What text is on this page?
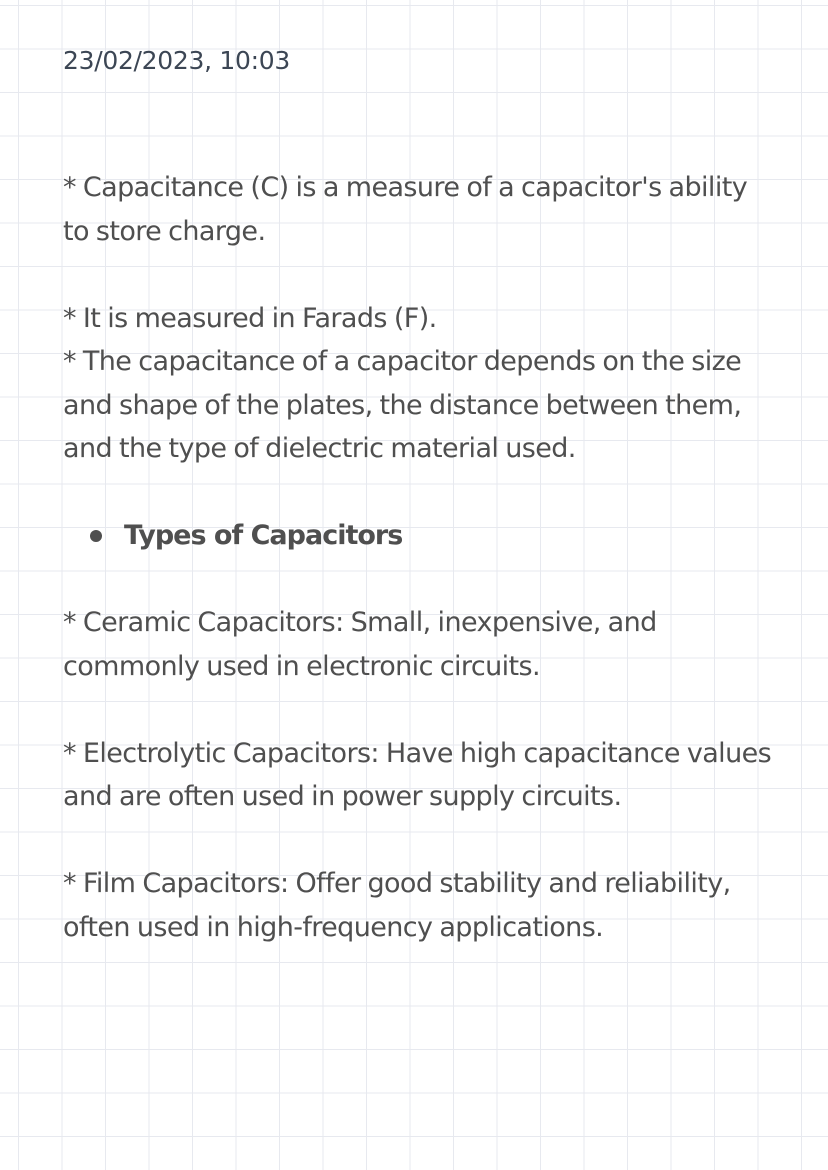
23/02/2023, 10:03

* Capacitance (C) is a measure of a capacitor's ability to store charge.

* It is measured in Farads (F).

* The capacitance of a capacitor depends on the size and shape of the plates, the distance between them, and the type of dielectric material used.

Types of Capacitors

* Ceramic Capacitors: Small, inexpensive, and commonly used in electronic circuits.

* Electrolytic Capacitors: Have high capacitance values and are often used in power supply circuits.

* Film Capacitors: Offer good stability and reliability, often used in high-frequency applications.
